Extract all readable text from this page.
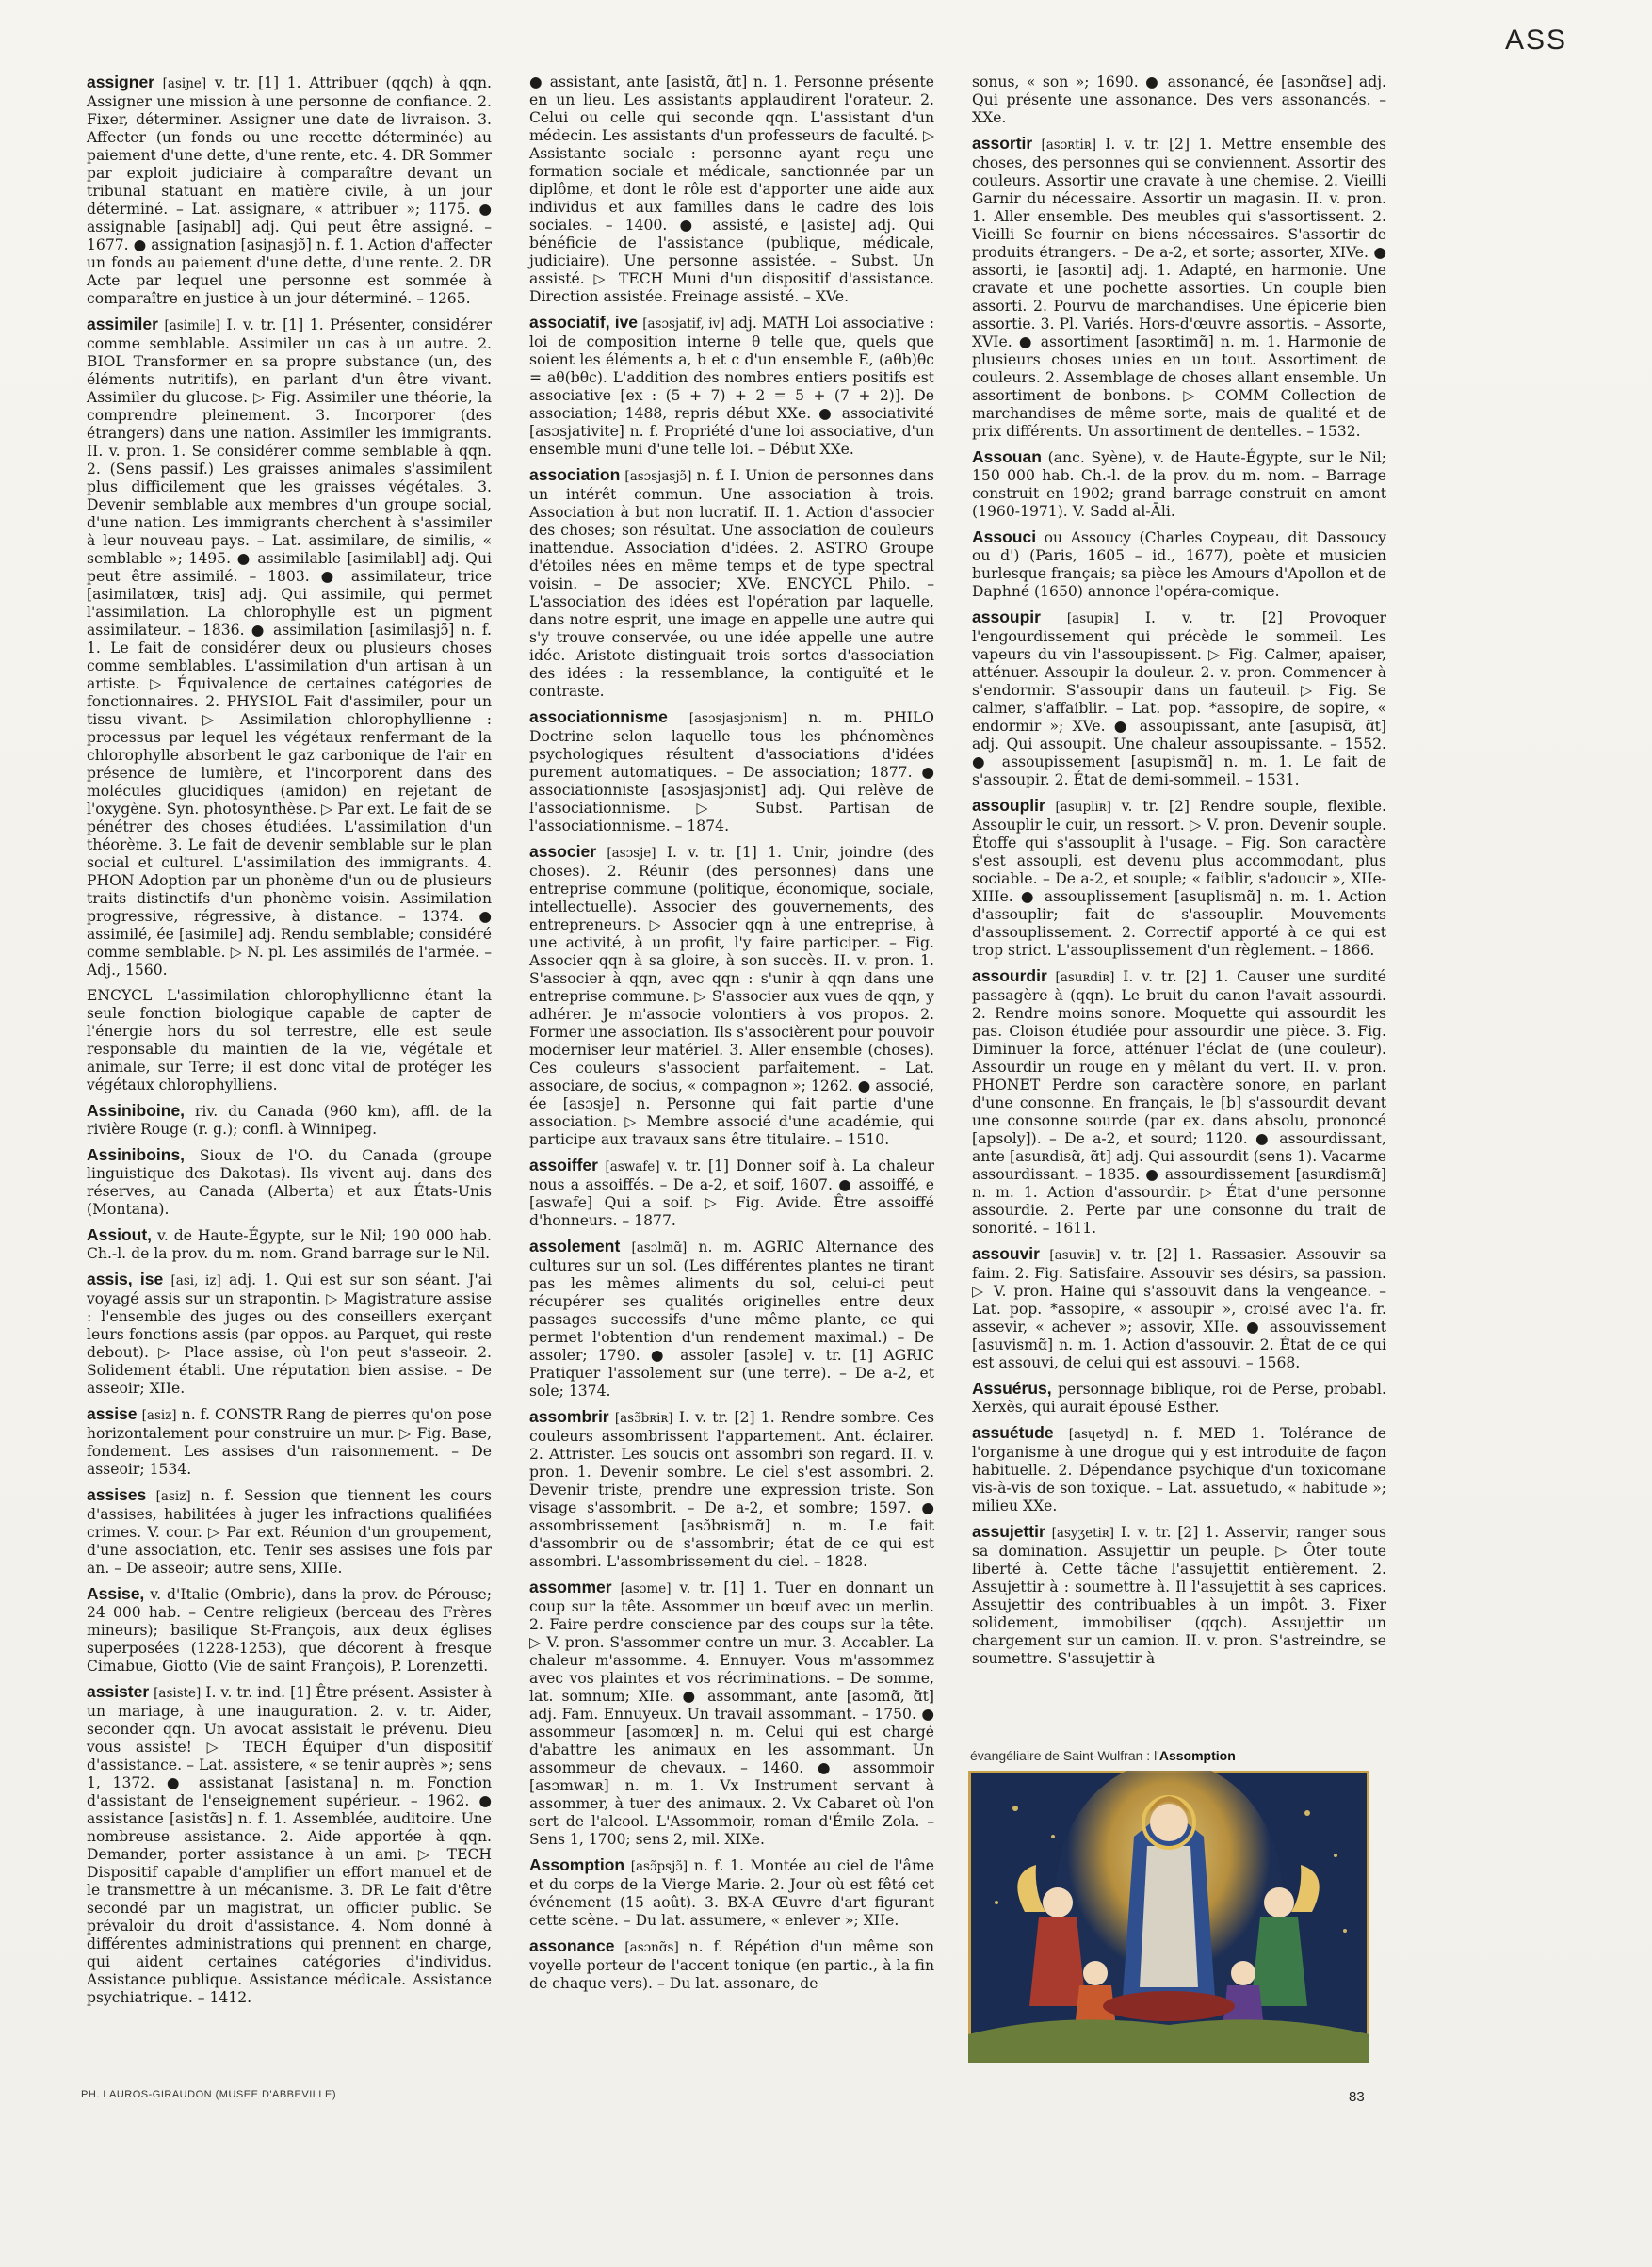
ASS
assigner [asiɲe] v. tr. [1] 1. Attribuer (qqch) à qqn. Assigner une mission à une personne de confiance. 2. Fixer, déterminer. Assigner une date de livraison. 3. Affecter (un fonds ou une recette déterminée) au paiement d'une dette, d'une rente, etc. 4. DR Sommer par exploit judiciaire à comparaître devant un tribunal statuant en matière civile, à un jour déterminé. – Lat. assignare, « attribuer »; 1175. ● assignable [asiɲabl] adj. Qui peut être assigné. – 1677. ● assignation [asiɲasjɔ̃] n. f. 1. Action d'affecter un fonds au paiement d'une dette, d'une rente. 2. DR Acte par lequel une personne est sommée à comparaître en justice à un jour déterminé. – 1265.
assimiler [asimile] I. v. tr. [1] 1. Présenter, considérer comme semblable. Assimiler un cas à un autre. 2. BIOL Transformer en sa propre substance (un, des éléments nutritifs), en parlant d'un être vivant. Assimiler du glucose. ▷ Fig. Assimiler une théorie, la comprendre pleinement. 3. Incorporer (des étrangers) dans une nation. Assimiler les immigrants. II. v. pron. 1. Se considérer comme semblable à qqn. 2. (Sens passif.) Les graisses animales s'assimilent plus difficilement que les graisses végétales. 3. Devenir semblable aux membres d'un groupe social, d'une nation. Les immigrants cherchent à s'assimiler à leur nouveau pays. – Lat. assimilare, de similis, « semblable »; 1495. ● assimilable [asimilabl] adj. Qui peut être assimilé. – 1803. ● assimilateur, trice [asimilatœʀ, tʀis] adj. Qui assimile, qui permet l'assimilation. La chlorophylle est un pigment assimilateur. – 1836. ● assimilation [asimilasjɔ̃] n. f. 1. Le fait de considérer deux ou plusieurs choses comme semblables. L'assimilation d'un artisan à un artiste. ▷ Équivalence de certaines catégories de fonctionnaires. 2. PHYSIOL Fait d'assimiler, pour un tissu vivant. ▷ Assimilation chlorophyllienne : processus par lequel les végétaux renfermant de la chlorophylle absorbent le gaz carbonique de l'air en présence de lumière, et l'incorporent dans des molécules glucidiques (amidon) en rejetant de l'oxygène. Syn. photosynthèse. ▷ Par ext. Le fait de se pénétrer des choses étudiées. L'assimilation d'un théorème. 3. Le fait de devenir semblable sur le plan social et culturel. L'assimilation des immigrants. 4. PHON Adoption par un phonème d'un ou de plusieurs traits distinctifs d'un phonème voisin. Assimilation progressive, régressive, à distance. – 1374. ● assimilé, ée [asimile] adj. Rendu semblable; considéré comme semblable. ▷ N. pl. Les assimilés de l'armée. – Adj., 1560.
ENCYCL L'assimilation chlorophyllienne étant la seule fonction biologique capable de capter de l'énergie hors du sol terrestre, elle est seule responsable du maintien de la vie, végétale et animale, sur Terre; il est donc vital de protéger les végétaux chlorophylliens.
Assiniboine, riv. du Canada (960 km), affl. de la rivière Rouge (r. g.); confl. à Winnipeg.
Assiniboins, Sioux de l'O. du Canada (groupe linguistique des Dakotas). Ils vivent auj. dans des réserves, au Canada (Alberta) et aux États-Unis (Montana).
Assiout, v. de Haute-Égypte, sur le Nil; 190 000 hab. Ch.-l. de la prov. du m. nom. Grand barrage sur le Nil.
assis, ise [asi, iz] adj. 1. Qui est sur son séant. J'ai voyagé assis sur un strapontin. ▷ Magistrature assise : l'ensemble des juges ou des conseillers exerçant leurs fonctions assis (par oppos. au Parquet, qui reste debout). ▷ Place assise, où l'on peut s'asseoir. 2. Solidement établi. Une réputation bien assise. – De asseoir; XIIe.
assise [asiz] n. f. CONSTR Rang de pierres qu'on pose horizontalement pour construire un mur. ▷ Fig. Base, fondement. Les assises d'un raisonnement. – De asseoir; 1534.
assises [asiz] n. f. Session que tiennent les cours d'assises, habilitées à juger les infractions qualifiées crimes. V. cour. ▷ Par ext. Réunion d'un groupement, d'une association, etc. Tenir ses assises une fois par an. – De asseoir; autre sens, XIIIe.
Assise, v. d'Italie (Ombrie), dans la prov. de Pérouse; 24 000 hab. – Centre religieux (berceau des Frères mineurs); basilique St-François, aux deux églises superposées (1228-1253), que décorent à fresque Cimabue, Giotto (Vie de saint François), P. Lorenzetti.
assister [asiste] I. v. tr. ind. [1] Être présent. Assister à un mariage, à une inauguration. 2. v. tr. Aider, seconder qqn. Un avocat assistait le prévenu. Dieu vous assiste! ▷ TECH Équiper d'un dispositif d'assistance. – Lat. assistere, « se tenir auprès »; sens 1, 1372. ● assistanat [asistana] n. m. Fonction d'assistant de l'enseignement supérieur. – 1962. ● assistance [asistɑ̃s] n. f. 1. Assemblée, auditoire. Une nombreuse assistance. 2. Aide apportée à qqn. Demander, porter assistance à un ami. ▷ TECH Dispositif capable d'amplifier un effort manuel et de le transmettre à un mécanisme. 3. DR Le fait d'être secondé par un magistrat, un officier public. Se prévaloir du droit d'assistance. 4. Nom donné à différentes administrations qui prennent en charge, qui aident certaines catégories d'individus. Assistance publique. Assistance médicale. Assistance psychiatrique. – 1412.
● assistant, ante [asistɑ̃, ɑ̃t] n. 1. Personne présente en un lieu. Les assistants applaudirent l'orateur. 2. Celui ou celle qui seconde qqn. L'assistant d'un médecin. Les assistants d'un professeurs de faculté. ▷ Assistante sociale : personne ayant reçu une formation sociale et médicale, sanctionnée par un diplôme, et dont le rôle est d'apporter une aide aux individus et aux familles dans le cadre des lois sociales. – 1400. ● assisté, e [asiste] adj. Qui bénéficie de l'assistance (publique, médicale, judiciaire). Une personne assistée. – Subst. Un assisté. ▷ TECH Muni d'un dispositif d'assistance. Direction assistée. Freinage assisté. – XVe.
associatif, ive [asɔsjatif, iv] adj. MATH Loi associative : loi de composition interne θ telle que, quels que soient les éléments a, b et c d'un ensemble E, (aθb)θc = aθ(bθc). L'addition des nombres entiers positifs est associative [ex : (5 + 7) + 2 = 5 + (7 + 2)]. De association; 1488, repris début XXe. ● associativité [asɔsjativite] n. f. Propriété d'une loi associative, d'un ensemble muni d'une telle loi. – Début XXe.
association [asɔsjasjɔ̃] n. f. I. Union de personnes dans un intérêt commun. Une association à trois. Association à but non lucratif. II. 1. Action d'associer des choses; son résultat. Une association de couleurs inattendue. Association d'idées. 2. ASTRO Groupe d'étoiles nées en même temps et de type spectral voisin. – De associer; XVe. ENCYCL Philo. – L'association des idées est l'opération par laquelle, dans notre esprit, une image en appelle une autre qui s'y trouve conservée, ou une idée appelle une autre idée. Aristote distinguait trois sortes d'association des idées : la ressemblance, la contiguïté et le contraste.
associationnisme [asɔsjasjɔnism] n. m. PHILO Doctrine selon laquelle tous les phénomènes psychologiques résultent d'associations d'idées purement automatiques. – De association; 1877. ● associationniste [asɔsjasjɔnist] adj. Qui relève de l'associationnisme. ▷ Subst. Partisan de l'associationnisme. – 1874.
associer [asɔsje] I. v. tr. [1] 1. Unir, joindre (des choses). 2. Réunir (des personnes) dans une entreprise commune (politique, économique, sociale, intellectuelle). Associer des gouvernements, des entrepreneurs. ▷ Associer qqn à une entreprise, à une activité, à un profit, l'y faire participer. – Fig. Associer qqn à sa gloire, à son succès. II. v. pron. 1. S'associer à qqn, avec qqn : s'unir à qqn dans une entreprise commune. ▷ S'associer aux vues de qqn, y adhérer. Je m'associe volontiers à vos propos. 2. Former une association. Ils s'associèrent pour pouvoir moderniser leur matériel. 3. Aller ensemble (choses). Ces couleurs s'associent parfaitement. – Lat. associare, de socius, « compagnon »; 1262. ● associé, ée [asɔsje] n. Personne qui fait partie d'une association. ▷ Membre associé d'une académie, qui participe aux travaux sans être titulaire. – 1510.
assoiffer [aswafe] v. tr. [1] Donner soif à. La chaleur nous a assoiffés. – De a-2, et soif, 1607. ● assoiffé, e [aswafe] Qui a soif. ▷ Fig. Avide. Être assoiffé d'honneurs. – 1877.
assolement [asɔlmɑ̃] n. m. AGRIC Alternance des cultures sur un sol. (Les différentes plantes ne tirant pas les mêmes aliments du sol, celui-ci peut récupérer ses qualités originelles entre deux passages successifs d'une même plante, ce qui permet l'obtention d'un rendement maximal.) – De assoler; 1790. ● assoler [asɔle] v. tr. [1] AGRIC Pratiquer l'assolement sur (une terre). – De a-2, et sole; 1374.
assombrir [asɔ̃bʀiʀ] I. v. tr. [2] 1. Rendre sombre. Ces couleurs assombrissent l'appartement. Ant. éclairer. 2. Attrister. Les soucis ont assombri son regard. II. v. pron. 1. Devenir sombre. Le ciel s'est assombri. 2. Devenir triste, prendre une expression triste. Son visage s'assombrit. – De a-2, et sombre; 1597. ● assombrissement [asɔ̃bʀismɑ̃] n. m. Le fait d'assombrir ou de s'assombrir; état de ce qui est assombri. L'assombrissement du ciel. – 1828.
assommer [asɔme] v. tr. [1] 1. Tuer en donnant un coup sur la tête. Assommer un bœuf avec un merlin. 2. Faire perdre conscience par des coups sur la tête. ▷ V. pron. S'assommer contre un mur. 3. Accabler. La chaleur m'assomme. 4. Ennuyer. Vous m'assommez avec vos plaintes et vos récriminations. – De somme, lat. somnum; XIIe. ● assommant, ante [asɔmɑ̃, ɑ̃t] adj. Fam. Ennuyeux. Un travail assommant. – 1750. ● assommeur [asɔmœʀ] n. m. Celui qui est chargé d'abattre les animaux en les assommant. Un assommeur de chevaux. – 1460. ● assommoir [asɔmwaʀ] n. m. 1. Vx Instrument servant à assommer, à tuer des animaux. 2. Vx Cabaret où l'on sert de l'alcool. L'Assommoir, roman d'Émile Zola. – Sens 1, 1700; sens 2, mil. XIXe.
Assomption [asɔ̃psjɔ̃] n. f. 1. Montée au ciel de l'âme et du corps de la Vierge Marie. 2. Jour où est fêté cet événement (15 août). 3. BX-A Œuvre d'art figurant cette scène. – Du lat. assumere, « enlever »; XIIe.
assonance [asɔnɑ̃s] n. f. Répétion d'un même son voyelle porteur de l'accent tonique (en partic., à la fin de chaque vers). – Du lat. assonare, de
sonus, « son »; 1690. ● assonancé, ée [asɔnɑ̃se] adj. Qui présente une assonance. Des vers assonancés. – XXe.
assortir [asɔʀtiʀ] I. v. tr. [2] 1. Mettre ensemble des choses, des personnes qui se conviennent. Assortir des couleurs. Assortir une cravate à une chemise. 2. Vieilli Garnir du nécessaire. Assortir un magasin. II. v. pron. 1. Aller ensemble. Des meubles qui s'assortissent. 2. Vieilli Se fournir en biens nécessaires. S'assortir de produits étrangers. – De a-2, et sorte; assorter, XIVe. ● assorti, ie [asɔʀti] adj. 1. Adapté, en harmonie. Une cravate et une pochette assorties. Un couple bien assorti. 2. Pourvu de marchandises. Une épicerie bien assortie. 3. Pl. Variés. Hors-d'œuvre assortis. – Assorte, XVIe. ● assortiment [asɔʀtimɑ̃] n. m. 1. Harmonie de plusieurs choses unies en un tout. Assortiment de couleurs. 2. Assemblage de choses allant ensemble. Un assortiment de bonbons. ▷ COMM Collection de marchandises de même sorte, mais de qualité et de prix différents. Un assortiment de dentelles. – 1532.
Assouan (anc. Syène), v. de Haute-Égypte, sur le Nil; 150 000 hab. Ch.-l. de la prov. du m. nom. – Barrage construit en 1902; grand barrage construit en amont (1960-1971). V. Sadd al-Āli.
Assouci ou Assoucy (Charles Coypeau, dit Dassoucy ou d') (Paris, 1605 – id., 1677), poète et musicien burlesque français; sa pièce les Amours d'Apollon et de Daphné (1650) annonce l'opéra-comique.
assoupir [asupiʀ] I. v. tr. [2] Provoquer l'engourdissement qui précède le sommeil. Les vapeurs du vin l'assoupissent. ▷ Fig. Calmer, apaiser, atténuer. Assoupir la douleur. 2. v. pron. Commencer à s'endormir. S'assoupir dans un fauteuil. ▷ Fig. Se calmer, s'affaiblir. – Lat. pop. *assopire, de sopire, « endormir »; XVe. ● assoupissant, ante [asupisɑ̃, ɑ̃t] adj. Qui assoupit. Une chaleur assoupissante. – 1552. ● assoupissement [asupismɑ̃] n. m. 1. Le fait de s'assoupir. 2. État de demi-sommeil. – 1531.
assouplir [asupliʀ] v. tr. [2] Rendre souple, flexible. Assouplir le cuir, un ressort. ▷ V. pron. Devenir souple. Étoffe qui s'assouplit à l'usage. – Fig. Son caractère s'est assoupli, est devenu plus accommodant, plus sociable. – De a-2, et souple; « faiblir, s'adoucir », XIIe-XIIIe. ● assouplissement [asuplismɑ̃] n. m. 1. Action d'assouplir; fait de s'assouplir. Mouvements d'assouplissement. 2. Correctif apporté à ce qui est trop strict. L'assouplissement d'un règlement. – 1866.
assourdir [asuʀdiʀ] I. v. tr. [2] 1. Causer une surdité passagère à (qqn). Le bruit du canon l'avait assourdi. 2. Rendre moins sonore. Moquette qui assourdit les pas. Cloison étudiée pour assourdir une pièce. 3. Fig. Diminuer la force, atténuer l'éclat de (une couleur). Assourdir un rouge en y mêlant du vert. II. v. pron. PHONET Perdre son caractère sonore, en parlant d'une consonne. En français, le [b] s'assourdit devant une consonne sourde (par ex. dans absolu, prononcé [apsoly]). – De a-2, et sourd; 1120. ● assourdissant, ante [asuʀdisɑ̃, ɑ̃t] adj. Qui assourdit (sens 1). Vacarme assourdissant. – 1835. ● assourdissement [asuʀdismɑ̃] n. m. 1. Action d'assourdir. ▷ État d'une personne assourdie. 2. Perte par une consonne du trait de sonorité. – 1611.
assouvir [asuviʀ] v. tr. [2] 1. Rassasier. Assouvir sa faim. 2. Fig. Satisfaire. Assouvir ses désirs, sa passion. ▷ V. pron. Haine qui s'assouvit dans la vengeance. – Lat. pop. *assopire, « assoupir », croisé avec l'a. fr. assevir, « achever »; assovir, XIIe. ● assouvissement [asuvismɑ̃] n. m. 1. Action d'assouvir. 2. État de ce qui est assouvi, de celui qui est assouvi. – 1568.
Assuérus, personnage biblique, roi de Perse, probabl. Xerxès, qui aurait épousé Esther.
assuétude [asɥetyd] n. f. MED 1. Tolérance de l'organisme à une drogue qui y est introduite de façon habituelle. 2. Dépendance psychique d'un toxicomane vis-à-vis de son toxique. – Lat. assuetudo, « habitude »; milieu XXe.
assujettir [asyʒetiʀ] I. v. tr. [2] 1. Asservir, ranger sous sa domination. Assujettir un peuple. ▷ Ôter toute liberté à. Cette tâche l'assujettit entièrement. 2. Assujettir à : soumettre à. Il l'assujettit à ses caprices. Assujettir des contribuables à un impôt. 3. Fixer solidement, immobiliser (qqch). Assujettir un chargement sur un camion. II. v. pron. S'astreindre, se soumettre. S'assujettir à
évangéliaire de Saint-Wulfran : l'Assomption
PH. LAUROS-GIRAUDON (MUSEE D'ABBEVILLE)	83
